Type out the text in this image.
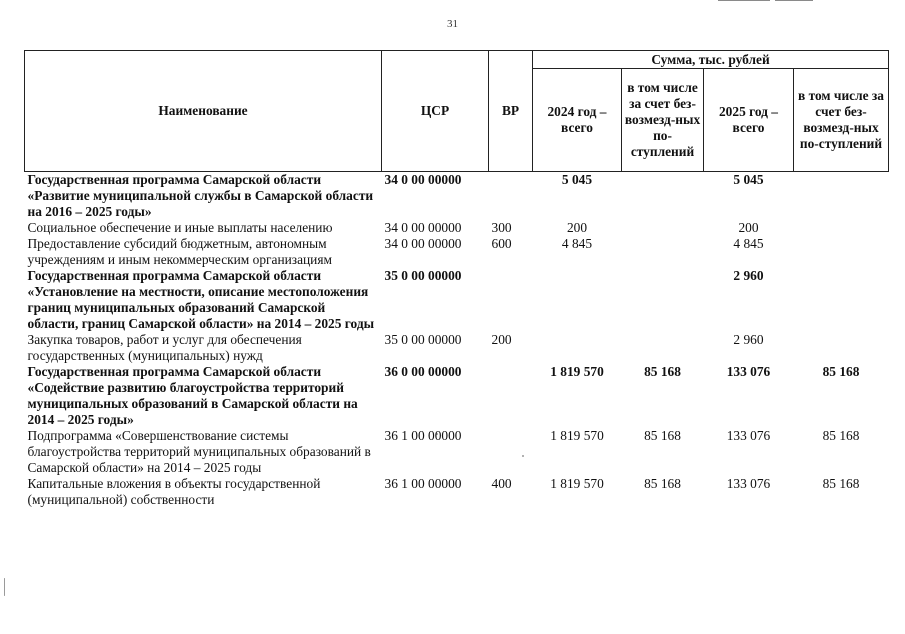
31
Наименование	ЦСР	ВР	Сумма, тыс. рублей			
			2024 год – всего	в том числе за счет без-возмезд-ных по-ступлений	2025 год – всего	в том числе за счет без-возмезд-ных по-ступлений
Государственная программа Самарской области «Развитие муниципальной службы в Самарской области на 2016 – 2025 годы»	34 0 00 00000		5 045		5 045	
Социальное обеспечение и иные выплаты населению	34 0 00 00000	300	200		200	
Предоставление субсидий бюджетным, автономным учреждениям и иным некоммерческим организациям	34 0 00 00000	600	4 845		4 845	
Государственная программа Самарской области «Установление на местности, описание местоположения границ муниципальных образований Самарской области, границ Самарской области» на 2014 – 2025 годы	35 0 00 00000				2 960	
Закупка товаров, работ и услуг для обеспечения государственных (муниципальных) нужд	35 0 00 00000	200			2 960	
Государственная программа Самарской области «Содействие развитию благоустройства территорий муниципальных образований в Самарской области на 2014 – 2025 годы»	36 0 00 00000		1 819 570	85 168	133 076	85 168
Подпрограмма «Совершенствование системы благоустройства территорий муниципальных образований в Самарской области» на 2014 – 2025 годы	36 1 00 00000		1 819 570	85 168	133 076	85 168
Капитальные вложения в объекты государственной (муниципальной) собственности	36 1 00 00000	400	1 819 570	85 168	133 076	85 168
